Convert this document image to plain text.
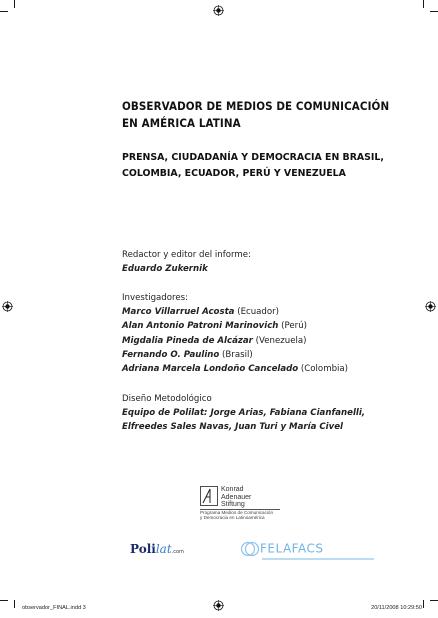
OBSERVADOR DE MEDIOS DE COMUNICACIÓN
EN AMÉRICA LATINA
PRENSA, CIUDADANÍA Y DEMOCRACIA EN BRASIL,
COLOMBIA, ECUADOR, PERÚ Y VENEZUELA
Redactor y editor del informe:
Eduardo Zukernik
Investigadores:
Marco Villarruel Acosta (Ecuador)
Alan Antonio Patroni Marinovich (Perú)
Migdalia Pineda de Alcázar (Venezuela)
Fernando O. Paulino (Brasil)
Adriana Marcela Londoño Cancelado (Colombia)
Diseño Metodológico
Equipo de Polilat: Jorge Arias, Fabiana Cianfanelli,
Elfreedes Sales Navas, Juan Turi y María Civel
Konrad
Adenauer
Stiftung
Programa Medios de Comunicación
y Democracia en Latinoamérica
Polilat.com	FELAFACS
observador_FINAL.indd 3	20/11/2008 10:29:50
